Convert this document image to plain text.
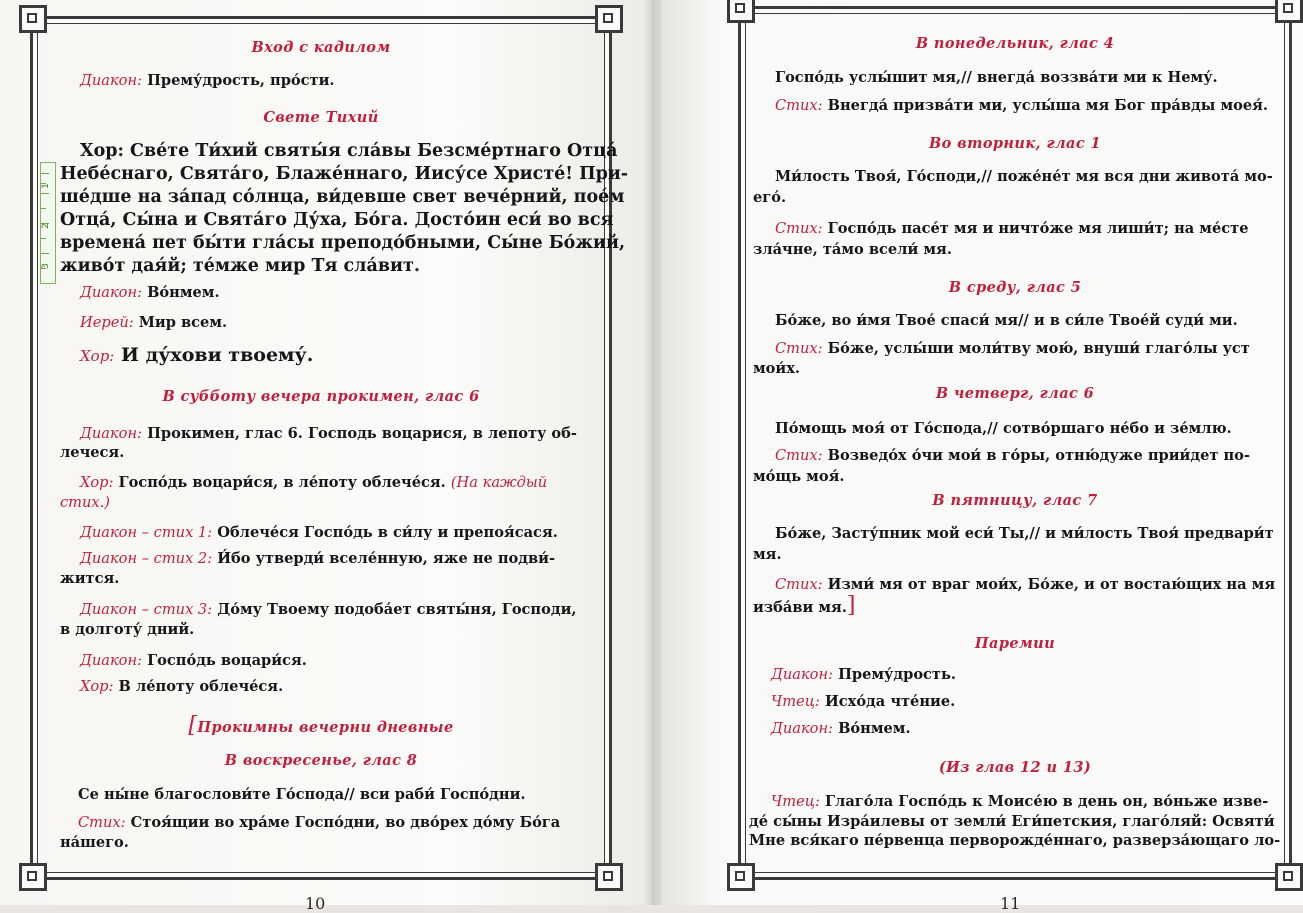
Вход с кадилом
Диакон: Прему́дрость, про́сти.
Свете Тихий
Хор: Све́те Ти́хий святы́я сла́вы Безсме́ртнаго Отца́
Небе́снаго, Свята́го, Блаже́ннаго, Иису́се Христе́! При-
ше́дше на за́пад со́лнца, ви́девше свет вече́рний, пое́м
Отца́, Сы́на и Свята́го Ду́ха, Бо́га. Досто́ин еси́ во вся
времена́ пет бы́ти гла́сы преподо́бными, Сы́не Бо́жий,
живо́т дая́й; те́мже мир Тя сла́вит.
1
2
3
Диакон: Во́нмем.
Иерей: Мир всем.
Хор: И ду́хови твоему́.
В субботу вечера прокимен, глас 6
Диакон: Прокимен, глас 6. Господь воцарися, в лепоту об-
лечеся.
Хор: Госпо́дь воцари́ся, в ле́поту облече́ся. (На каждый
стих.)
Диакон – стих 1: Облече́ся Госпо́дь в си́лу и препоя́сася.
Диакон – стих 2: И́бо утверди́ вселе́нную, яже не подви́-
жится.
Диакон – стих 3: До́му Твоему подоба́ет святы́ня, Господи,
в долготу́ дний.
Диакон: Госпо́дь воцари́ся.
Хор: В ле́поту облече́ся.
[Прокимны вечерни дневные
В воскресенье, глас 8
Се ны́не благослови́те Го́спода// вси раби́ Госпо́дни.
Стих: Стоя́щии во хра́ме Госпо́дни, во дво́рех до́му Бо́га
на́шего.
10
В понедельник, глас 4
Госпо́дь услы́шит мя,// внегда́ воззва́ти ми к Нему́.
Стих: Внегда́ призва́ти ми, услы́ша мя Бог пра́вды моея́.
Во вторник, глас 1
Ми́лость Твоя́, Го́споди,// поже́не́т мя вся дни живота́ мо-
его́.
Стих: Госпо́дь пасе́т мя и ничто́же мя лиши́т; на ме́сте
зла́чне, та́мо всели́ мя.
В среду, глас 5
Бо́же, во и́мя Твое́ спаси́ мя// и в си́ле Твое́й суди́ ми.
Стих: Бо́же, услы́ши моли́тву мою́, внуши́ глаго́лы уст
мои́х.
В четверг, глас 6
По́мощь моя́ от Го́спода,// сотво́ршаго не́бо и зе́млю.
Стих: Возведо́х о́чи мои́ в го́ры, отню́дуже прии́дет по-
мо́щь моя́.
В пятницу, глас 7
Бо́же, Засту́пник мой еси́ Ты,// и ми́лость Твоя́ предвари́т
мя.
Стих: Изми́ мя от враг мои́х, Бо́же, и от востаю́щих на мя
изба́ви мя.]
Паремии
Диакон: Прему́дрость.
Чтец: Исхо́да чте́ние.
Диакон: Во́нмем.
(Из глав 12 и 13)
Чтец: Глаго́ла Госпо́дь к Моисе́ю в день он, во́ньже изве-
де́ сы́ны Изра́илевы от земли́ Еги́петския, глаго́ляй: Освяти́
Мне вся́каго пе́рвенца перворожде́ннаго, разверза́ющаго ло-
11
